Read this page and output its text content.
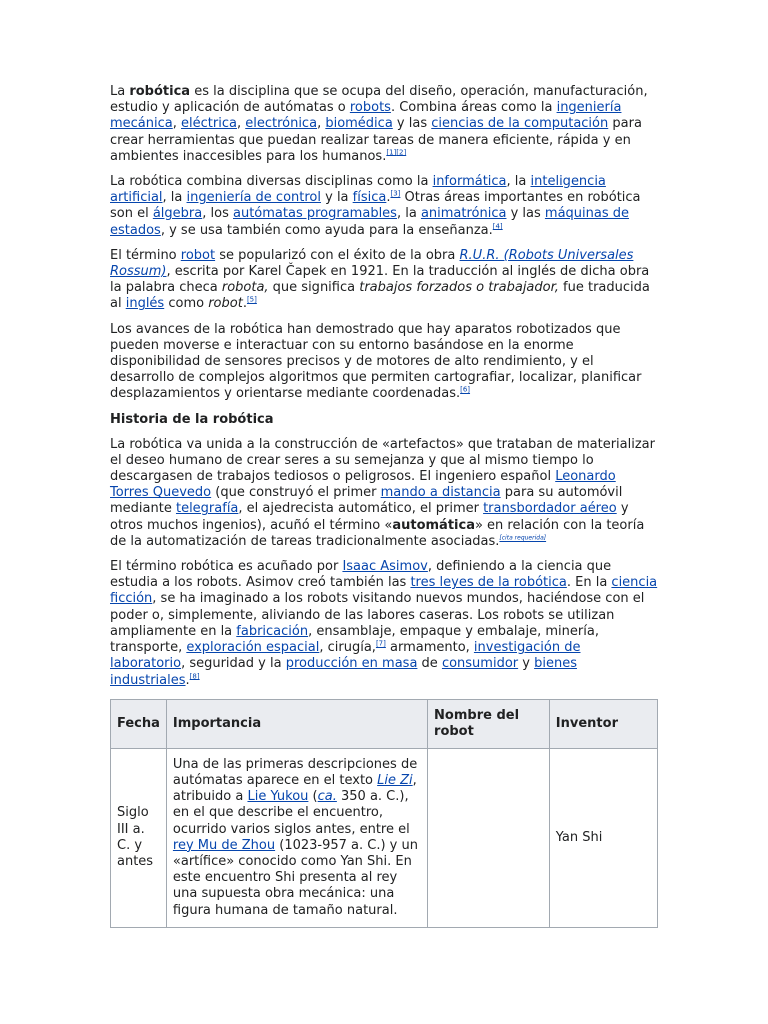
La robótica es la disciplina que se ocupa del diseño, operación, manufacturación, estudio y aplicación de autómatas o robots. Combina áreas como la ingeniería mecánica, eléctrica, electrónica, biomédica y las ciencias de la computación para crear herramientas que puedan realizar tareas de manera eficiente, rápida y en ambientes inaccesibles para los humanos.[1][2]

La robótica combina diversas disciplinas como la informática, la inteligencia artificial, la ingeniería de control y la física.[3] Otras áreas importantes en robótica son el álgebra, los autómatas programables, la animatrónica y las máquinas de estados, y se usa también como ayuda para la enseñanza.[4]

El término robot se popularizó con el éxito de la obra R.U.R. (Robots Universales Rossum), escrita por Karel Čapek en 1921. En la traducción al inglés de dicha obra la palabra checa robota, que significa trabajos forzados o trabajador, fue traducida al inglés como robot.[5]

Los avances de la robótica han demostrado que hay aparatos robotizados que pueden moverse e interactuar con su entorno basándose en la enorme disponibilidad de sensores precisos y de motores de alto rendimiento, y el desarrollo de complejos algoritmos que permiten cartografiar, localizar, planificar desplazamientos y orientarse mediante coordenadas.[6]

Historia de la robótica

La robótica va unida a la construcción de «artefactos» que trataban de materializar el deseo humano de crear seres a su semejanza y que al mismo tiempo lo descargasen de trabajos tediosos o peligrosos. El ingeniero español Leonardo Torres Quevedo (que construyó el primer mando a distancia para su automóvil mediante telegrafía, el ajedrecista automático, el primer transbordador aéreo y otros muchos ingenios), acuñó el término «automática» en relación con la teoría de la automatización de tareas tradicionalmente asociadas.[cita requerida]

El término robótica es acuñado por Isaac Asimov, definiendo a la ciencia que estudia a los robots. Asimov creó también las tres leyes de la robótica. En la ciencia ficción, se ha imaginado a los robots visitando nuevos mundos, haciéndose con el poder o, simplemente, aliviando de las labores caseras. Los robots se utilizan ampliamente en la fabricación, ensamblaje, empaque y embalaje, minería, transporte, exploración espacial, cirugía,[7] armamento, investigación de laboratorio, seguridad y la producción en masa de consumidor y bienes industriales.[8]

Fecha	Importancia	Nombre del robot	Inventor
Siglo III a. C. y antes	Una de las primeras descripciones de autómatas aparece en el texto Lie Zi, atribuido a Lie Yukou (ca. 350 a. C.), en el que describe el encuentro, ocurrido varios siglos antes, entre el rey Mu de Zhou (1023-957 a. C.) y un «artífice» conocido como Yan Shi. En este encuentro Shi presenta al rey una supuesta obra mecánica: una figura humana de tamaño natural.		Yan Shi
